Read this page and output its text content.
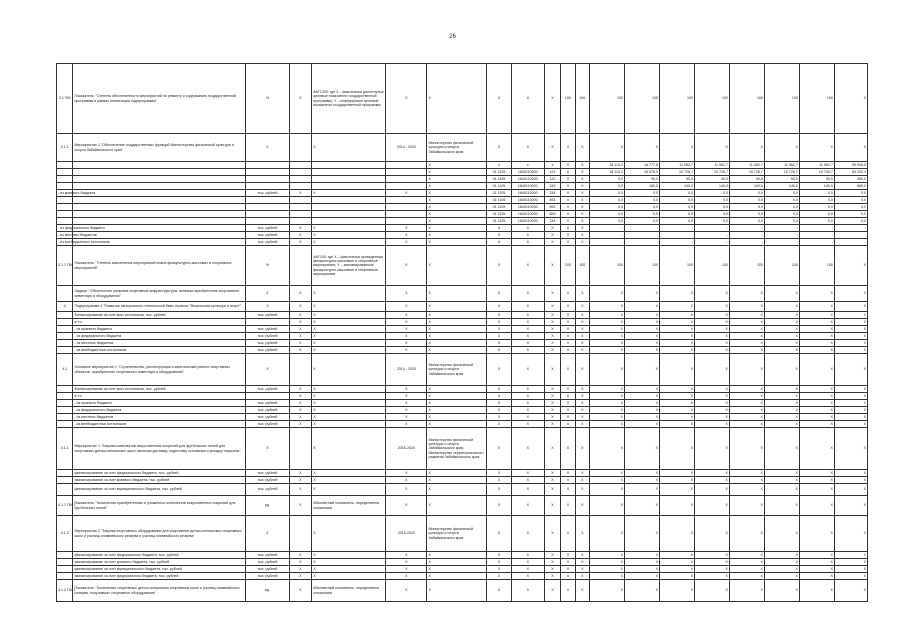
26
3.1 ПМ	Показатель: "Степень обеспеченности мероприятий по ремонту и содержанию государственной программы в рамках реализации подпрограммы"	%	X	АМ"1200: где X – фактически достигнутые целевые показатели государственной программы; Y – планируемые целевые показатели государственной программы	X	X	X	X	X	100	100	100	100	100	100	100	100	100	X
3.1.1	Мероприятие 1 "Обеспечение государственных функций Министерства физической культуры и спорта Забайкальского края"	X		X	2014 - 2020	Министерство физической культуры и спорта Забайкальского края	X	X	X	X	X	X	X	X	X	X	X	X	X
						X	x	x	x	X	X	18 113,2	18 777,8	11 062,7	11 062,7	11 062,7	11 062,7	11 062,7	95 905,5
						X	01 1105	1840110000	121	X	X	18 113,2	18 578,9	10 726,7	10 726,7	10 726,7	10 726,7	10 726,7	84 230,3
						X	01 1105	1840110000	122	X	X	0,0	90,0	90,0	90,0	90,0	90,0	90,0	450,0
						X	01 1105	1840110000	242	X	X	0,0	180,0	140,0	140,0	140,0	140,0	140,0	880,0
- из краевого бюджета		тыс. рублей	X	X	X	X	01 1105	1840110000	244	X	X	0,0	0,0	0,0	0,0	0,0	0,0	0,0	0,0
						X	01 1105	1840110000	851	X	X	0,0	0,0	0,0	0,0	0,0	0,0	0,0	0,0
						X	01 1105	1840110000	852	X	X	0,0	0,0	0,0	0,0	0,0	0,0	0,0	0,0
						X	01 1105	1840110000	853	X	X	0,0	0,0	0,0	0,0	0,0	0,0	0,0	0,0
						X	01 1105	1840110000	244	X	X	0,0	0,0	0,0	0,0	0,0	0,0	0,0	0,0
- из федерального бюджета		тыс. рублей	X	X	X	X	X	X	X	X	X	-	-	-	-	-	-	-	-
- из местных бюджетов		тыс. рублей	X	X	X	X	X	X	X	X	X	-	-	-	-	-	-	-	-
- из внебюджетных источников		тыс. рублей	X	X	X	X	X	X	X	X	X	-	-	-	-	-	-	-	-
3.1.1 ПМ	Показатель: "Степень выполнения мероприятий плана физкультурно-массовых и спортивных мероприятий"	%		АМ"100: где X – фактически проведенные физкультурно-массовые и спортивные мероприятия; Y – запланированные физкультурно-массовые и спортивные мероприятия	X	X	X	X	X	100	100	100	100	100	100	100	100	100	X
	Задача: "Обеспечение развития спортивной инфраструктуры, включая приобретение спортивного инвентаря и оборудования"	X	X	X	X	X	X	X	X	X	X	X	X	X	X	X	X	X	X
4	Подпрограмма 4 "Развитие материально-технической базы отрасли "Физическая культура и спорт""	X	X	X	X	X	X	X	X	X	X	X	X	X	X	X	X	X	X
	Финансирование за счет всех источников, тыс. рублей	тыс. рублей	X	X	X	X	X	X	X	X	X	X	X	X	X	X	X	X	X
	в т.ч.		X	X	X	X	X	X	X	X	X	X	X	X	X	X	X	X	X
	- из краевого бюджета	тыс. рублей	X	X	X	X	X	X	X	X	X	X	X	X	X	X	X	X	X
	- из федерального бюджета	тыс. рублей	X	X	X	X	X	X	X	X	X	X	X	X	X	X	X	X	X
	- из местных бюджетов	тыс. рублей	X	X	X	X	X	X	X	X	X	X	X	X	X	X	X	X	X
	- из внебюджетных источников	тыс. рублей	X	X	X	X	X	X	X	X	X	X	X	X	X	X	X	X	X
4.1	Основное мероприятие 1 "Строительство, реконструкция и капитальный ремонт спортивных объектов, приобретение спортивного инвентаря и оборудования"	X		X	2014 - 2020	Министерство физической культуры и спорта Забайкальского края	X	X	X	X	X	X	X	X	X	X	X	X	X
	Финансирование за счет всех источников, тыс. рублей	тыс. рублей	X	X	X	X	X	X	X	X	X	X	X	X	X	X	X	X	X
	в т.ч.		X	X	X	X	X	X	X	X	X	X	X	X	X	X	X	X	X
	- из краевого бюджета	тыс. рублей	X	X	X	X	X	X	X	X	X	X	X	X	X	X	X	X	X
	- из федерального бюджета	тыс. рублей	X	X	X	X	X	X	X	X	X	X	X	X	X	X	X	X	X
	- из местных бюджетов	тыс. рублей	X	X	X	X	X	X	X	X	X	X	X	X	X	X	X	X	X
	- из внебюджетных источников	тыс. рублей	X	X	X	X	X	X	X	X	X	X	X	X	X	X	X	X	X
4.1.1	Мероприятие 1 "Закупка комплектов искусственных покрытий для футбольных полей для спортивных детско-юношеских школ, включая доставку, подготовку основания и укладку покрытия"	X		X	2016-2020	Министерство физической культуры и спорта Забайкальского края, Министерство территориального развития Забайкальского края	X	X	X	X	X	X	X	X	X	X	X	X	X
	финансирование за счет федерального бюджета, тыс. рублей	тыс. рублей	X	X	X	X	X	X	X	X	X	X	X	X	X	X	X	X	X
	финансирование за счет краевого бюджета, тыс. рублей	тыс. рублей	X	X	X	X	X	X	X	X	X	X	X	X	X	X	X	X	X
	финансирование за счет муниципального бюджета, тыс. рублей	тыс. рублей	X	X	X	X	X	X	X	X	X	X	X	X	X	X	X	X	X
4.1.1 ПМ 1	Показатель: "Количество приобретенных и уложенных комплектов искусственных покрытий для футбольных полей"	ед.	X	Абсолютный показатель, определяется сложением	X	X	X	X	X	X	X	X	X	X	X	X	X	X	X
4.1.2	Мероприятие 2 "Закупка спортивного оборудования для спортивных детско-юношеских спортивных школ и училищ олимпийского резерва и училищ олимпийского резерва"	X		X	2016-2020	Министерство физической культуры и спорта Забайкальского края	X	X	X	X	X	X	X	X	X	X	X	X	X
	финансирование за счет федерального бюджета, тыс. рублей	тыс. рублей	X	X	X	X	X	X	X	X	X	X	X	X	X	X	X	X	X
	финансирование за счет краевого бюджета, тыс. рублей	тыс. рублей	X	X	X	X	X	X	X	X	X	X	X	X	X	X	X	X	X
	финансирование за счет муниципального бюджета, тыс. рублей	тыс. рублей	X	X	X	X	X	X	X	X	X	X	X	X	X	X	X	X	X
	финансирование за счет федерального бюджета, тыс. рублей	тыс. рублей	X	X	X	X	X	X	X	X	X	X	X	X	X	X	X	X	X
4.1.2 ПМ 1	Показатель: "Количество спортивных детско-юношеских спортивных школ и училищ олимпийского резерва, получивших спортивное оборудование"	ед.	X	Абсолютный показатель, определяется сложением	X	X	X	X	X	X	X	X	X	X	X	X	X	X	X
